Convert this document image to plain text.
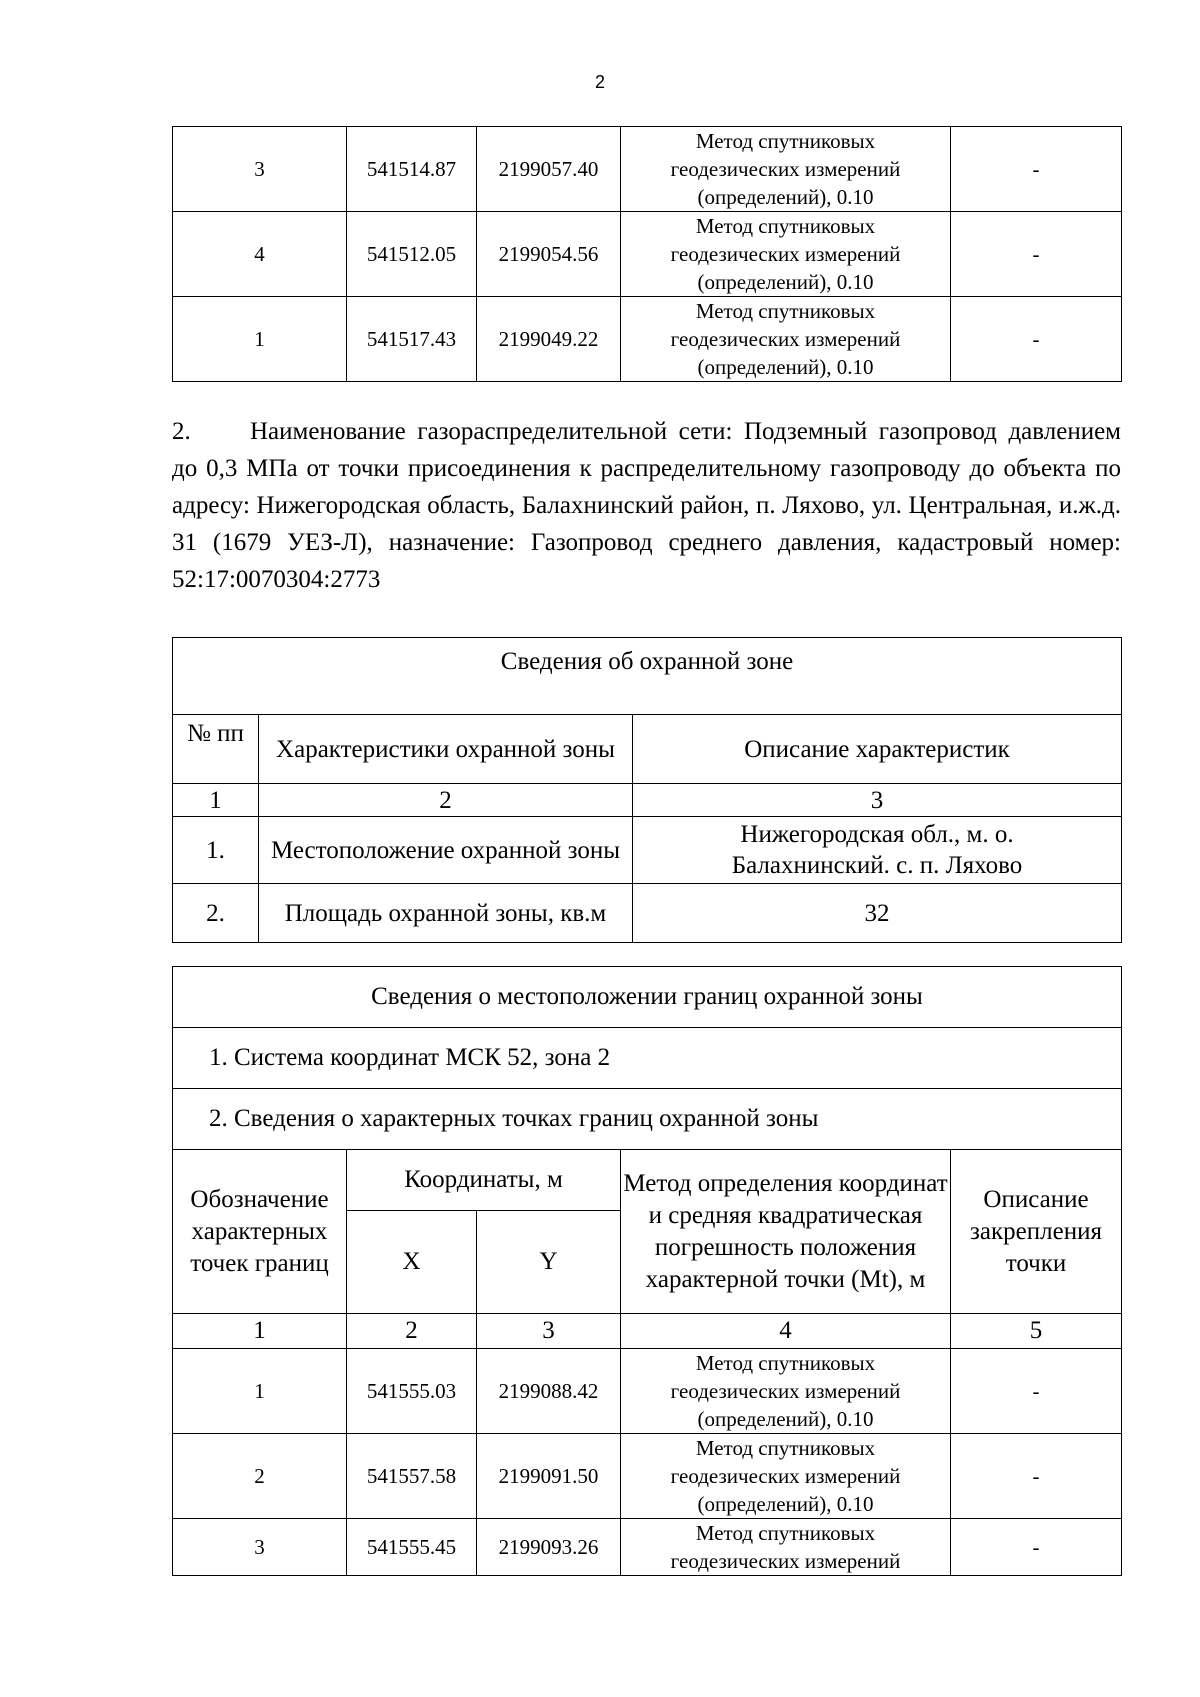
2
3	541514.87	2199057.40	Метод спутниковых
геодезических измерений
(определений), 0.10	-
4	541512.05	2199054.56	Метод спутниковых
геодезических измерений
(определений), 0.10	-
1	541517.43	2199049.22	Метод спутниковых
геодезических измерений
(определений), 0.10	-
2. Наименование газораспределительной сети: Подземный газопровод давлением до 0,3 МПа от точки присоединения к распределительному газопроводу до объекта по адресу: Нижегородская область, Балахнинский район, п. Ляхово, ул. Центральная, и.ж.д. 31 (1679 УЕЗ-Л), назначение: Газопровод среднего давления, кадастровый номер: 52:17:0070304:2773
Сведения об охранной зоне		
№ пп	Характеристики охранной зоны	Описание характеристик
1	2	3
1.	Местоположение охранной зоны	Нижегородская обл., м. о.
Балахнинский. с. п. Ляхово

2.	Площадь охранной зоны, кв.м	32
Сведения о местоположении границ охранной зоны				
1. Система координат МСК 52, зона 2				
2. Сведения о характерных точках границ охранной зоны				
Обозначение характерных точек границ	Координаты, м		Метод определения координат и средняя квадратическая погрешность положения характерной точки (Mt), м	Описание закрепления точки
	X	Y		
1	2	3	4	5
1	541555.03	2199088.42	Метод спутниковых
геодезических измерений
(определений), 0.10	-
2	541557.58	2199091.50	Метод спутниковых
геодезических измерений
(определений), 0.10	-
3	541555.45	2199093.26	Метод спутниковых
геодезических измерений	-
